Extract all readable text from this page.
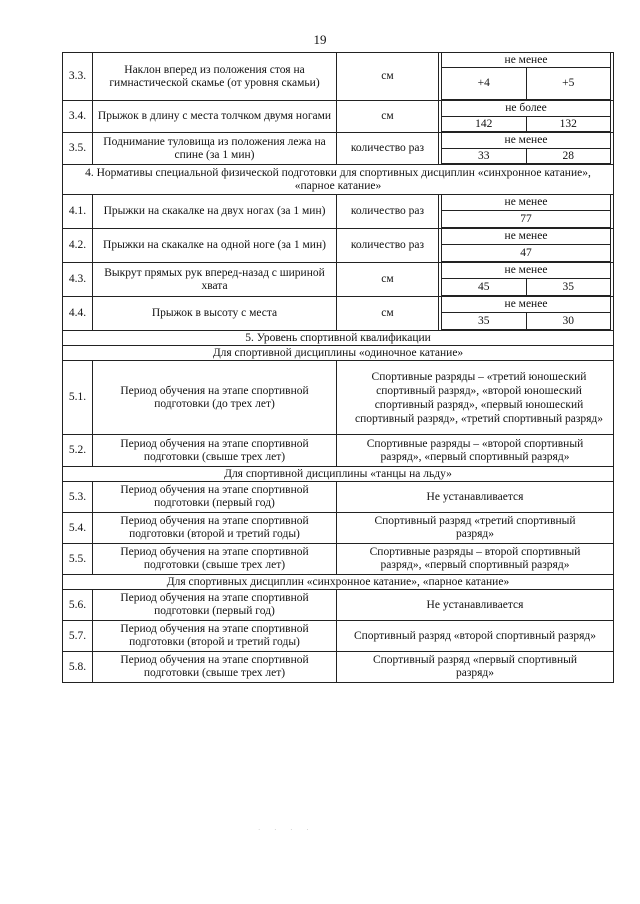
19
3.3.	Наклон вперед из положения стоя на гимнастической скамье (от уровня скамьи)	см	
не менее
+4	+5

3.4.	Прыжок в длину с места толчком двумя ногами	см	
не более
142	132

3.5.	Поднимание туловища из положения лежа на спине (за 1 мин)	количество раз	
не менее
33	28

4. Нормативы специальной физической подготовки для спортивных дисциплин «синхронное катание», «парное катание»
4.1.	Прыжки на скакалке на двух ногах (за 1 мин)	количество раз	
не менее
77

4.2.	Прыжки на скакалке на одной ноге (за 1 мин)	количество раз	
не менее
47

4.3.	Выкрут прямых рук вперед-назад с шириной хвата	см	
не менее
45	35

4.4.	Прыжок в высоту с места	см	
не менее
35	30

5. Уровень спортивной квалификации
Для спортивной дисциплины «одиночное катание»
5.1.	Период обучения на этапе спортивной подготовки (до трех лет)	Спортивные разряды – «третий юношеский спортивный разряд», «второй юношеский спортивный разряд», «первый юношеский спортивный разряд», «третий спортивный разряд»
5.2.	Период обучения на этапе спортивной подготовки (свыше трех лет)	Спортивные разряды – «второй спортивный разряд», «первый спортивный разряд»
Для спортивной дисциплины «танцы на льду»
5.3.	Период обучения на этапе спортивной подготовки (первый год)	Не устанавливается
5.4.	Период обучения на этапе спортивной подготовки (второй и третий годы)	Спортивный разряд «третий спортивный разряд»
5.5.	Период обучения на этапе спортивной подготовки (свыше трех лет)	Спортивные разряды – второй спортивный разряд», «первый спортивный разряд»
Для спортивных дисциплин «синхронное катание», «парное катание»
5.6.	Период обучения на этапе спортивной подготовки (первый год)	Не устанавливается
5.7.	Период обучения на этапе спортивной подготовки (второй и третий годы)	Спортивный разряд «второй спортивный разряд»
5.8.	Период обучения на этапе спортивной подготовки (свыше трех лет)	Спортивный разряд «первый спортивный разряд»
· · · ·
